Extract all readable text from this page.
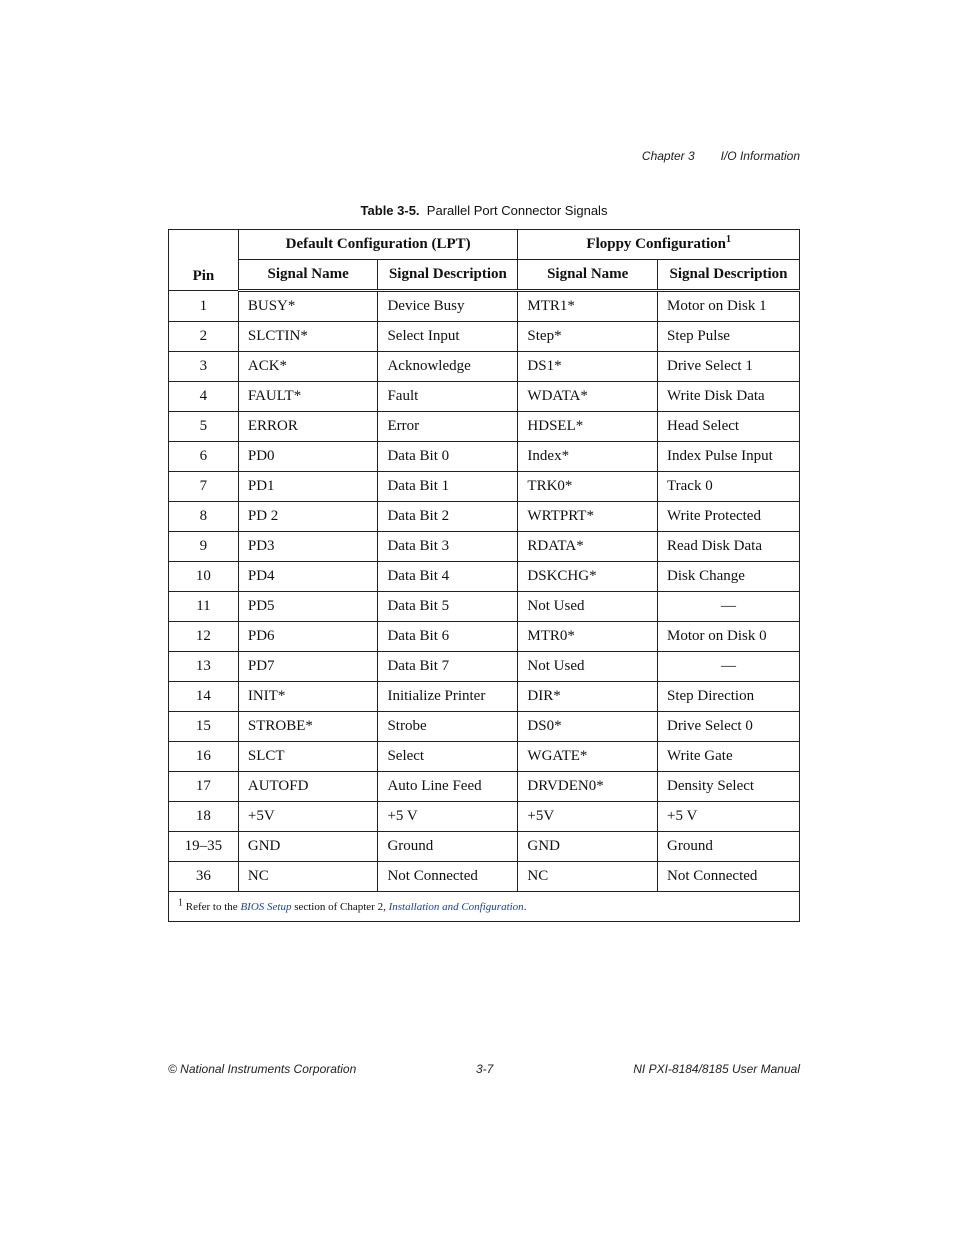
Chapter 3 I/O Information
Table 3-5. Parallel Port Connector Signals
Pin	Default Configuration (LPT)		Floppy Configuration$^1$
	Signal Name	Signal Description	Signal Name	Signal Description
1	BUSY*	Device Busy	MTR1*	Motor on Disk 1
2	SLCTIN*	Select Input	Step*	Step Pulse
3	ACK*	Acknowledge	DS1*	Drive Select 1
4	FAULT*	Fault	WDATA*	Write Disk Data
5	ERROR	Error	HDSEL*	Head Select
6	PD0	Data Bit 0	Index*	Index Pulse Input
7	PD1	Data Bit 1	TRK0*	Track 0
8	PD 2	Data Bit 2	WRTPRT*	Write Protected
9	PD3	Data Bit 3	RDATA*	Read Disk Data
10	PD4	Data Bit 4	DSKCHG*	Disk Change
11	PD5	Data Bit 5	Not Used	—
12	PD6	Data Bit 6	MTR0*	Motor on Disk 0
13	PD7	Data Bit 7	Not Used	—
14	INIT*	Initialize Printer	DIR*	Step Direction
15	STROBE*	Strobe	DS0*	Drive Select 0
16	SLCT	Select	WGATE*	Write Gate
17	AUTOFD	Auto Line Feed	DRVDEN0*	Density Select
18	+5V	+5 V	+5V	+5 V
19–35	GND	Ground	GND	Ground
36	NC	Not Connected	NC	Not Connected
$^1$ Refer to the BIOS Setup section of Chapter 2, Installation and Configuration.				
© National Instruments Corporation	3-7	NI PXI-8184/8185 User Manual
